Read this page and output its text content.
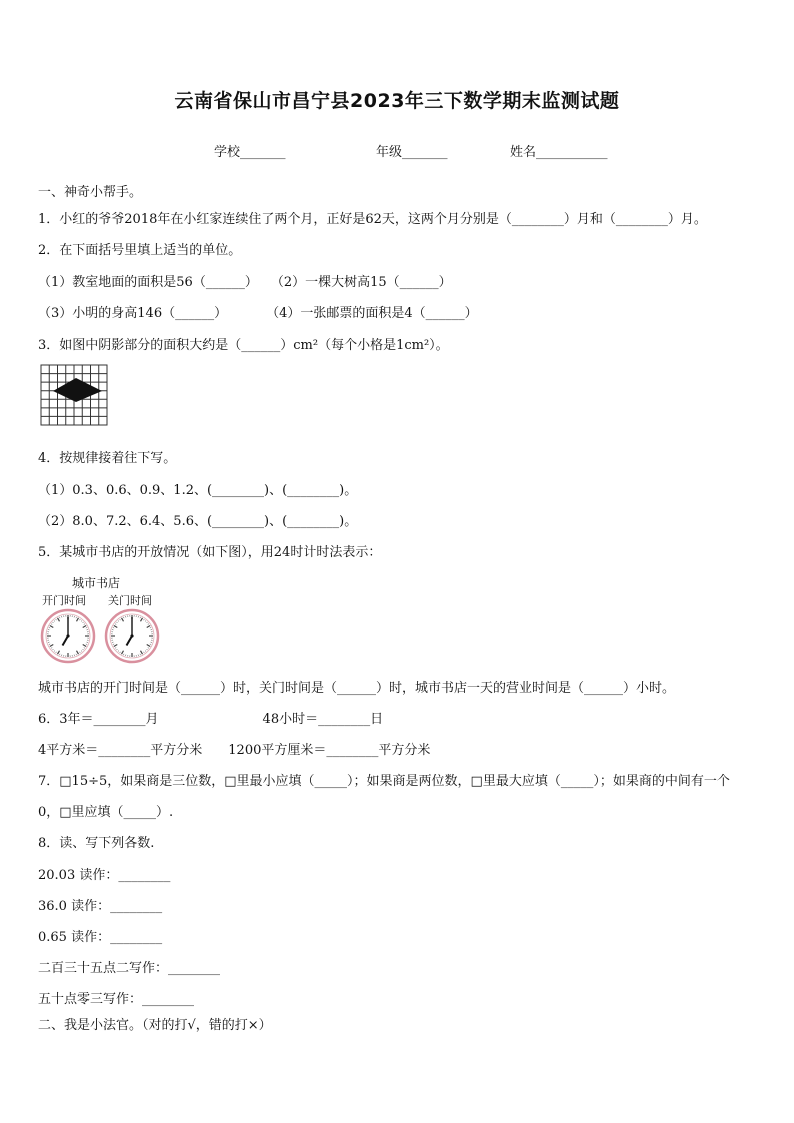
云南省保山市昌宁县2023年三下数学期末监测试题
学校_______	年级_______	姓名___________
一、神奇小帮手。
1．小红的爷爷2018年在小红家连续住了两个月，正好是62天，这两个月分别是（________）月和（________）月。
2．在下面括号里填上适当的单位。
（1）教室地面的面积是56（______）　　（2）一棵大树高15（______）
（3）小明的身高146（______）　　　　（4）一张邮票的面积是4（______）
3．如图中阴影部分的面积大约是（______）cm²（每个小格是1cm²）。
4．按规律接着往下写。
（1）0.3、0.6、0.9、1.2、(________)、(________)。
（2）8.0、7.2、6.4、5.6、(________)、(________)。
5．某城市书店的开放情况（如下图），用24时计时法表示：
城市书店
开门时间 关门时间
城市书店的开门时间是（______）时，关门时间是（______）时，城市书店一天的营业时间是（______）小时。
6．3年＝________月　　　　　　　　48小时＝________日
4平方米＝________平方分米　　1200平方厘米＝________平方分米
7．□15÷5，如果商是三位数，□里最小应填（_____）；如果商是两位数，□里最大应填（_____）；如果商的中间有一个
0，□里应填（_____）.
8．读、写下列各数.
20.03 读作：________
36.0 读作：________
0.65 读作：________
二百三十五点二写作：________
五十点零三写作：________
二、我是小法官。（对的打√，错的打×）
